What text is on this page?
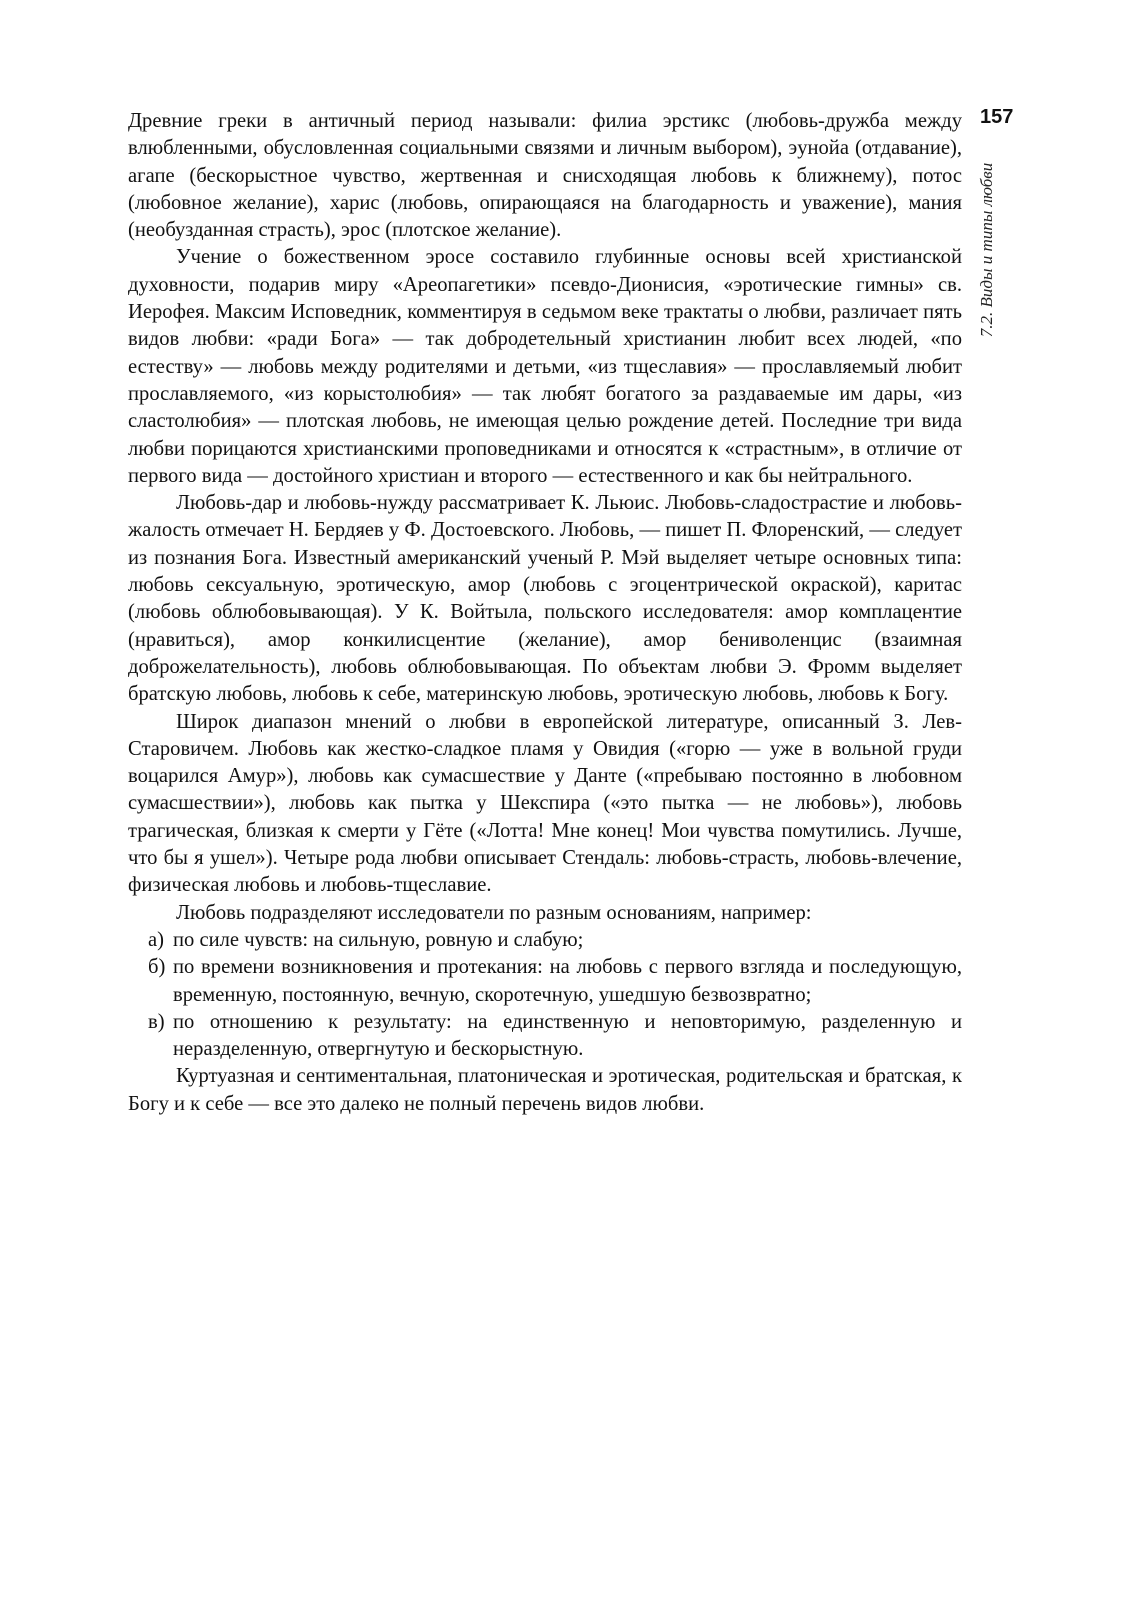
157
7.2. Виды и типы любви

Древние греки в античный период называли: филиа эрстикс (любовь-дружба между влюбленными, обусловленная социальными связями и личным выбором), эунойа (отдавание), агапе (бескорыстное чувство, жертвенная и снисходящая любовь к ближнему), потос (любовное желание), харис (любовь, опирающаяся на благодарность и уважение), мания (необузданная страсть), эрос (плотское желание).

Учение о божественном эросе составило глубинные основы всей христианской духовности, подарив миру «Ареопагетики» псевдо-Дионисия, «эротические гимны» св. Иерофея. Максим Исповедник, комментируя в седьмом веке трактаты о любви, различает пять видов любви: «ради Бога» — так добродетельный христианин любит всех людей, «по естеству» — любовь между родителями и детьми, «из тщеславия» — прославляемый любит прославляемого, «из корыстолюбия» — так любят богатого за раздаваемые им дары, «из сластолюбия» — плотская любовь, не имеющая целью рождение детей. Последние три вида любви порицаются христианскими проповедниками и относятся к «страстным», в отличие от первого вида — достойного христиан и второго — естественного и как бы нейтрального.

Любовь-дар и любовь-нужду рассматривает К. Льюис. Любовь-сладострастие и любовь-жалость отмечает Н. Бердяев у Ф. Достоевского. Любовь, — пишет П. Флоренский, — следует из познания Бога. Известный американский ученый Р. Мэй выделяет четыре основных типа: любовь сексуальную, эротическую, амор (любовь с эгоцентрической окраской), каритас (любовь облюбовывающая). У К. Войтыла, польского исследователя: амор комплацентие (нравиться), амор конкилисцентие (желание), амор бениволенцис (взаимная доброжелательность), любовь облюбовывающая. По объектам любви Э. Фромм выделяет братскую любовь, любовь к себе, материнскую любовь, эротическую любовь, любовь к Богу.

Широк диапазон мнений о любви в европейской литературе, описанный З. Лев-Старовичем. Любовь как жестко-сладкое пламя у Овидия («горю — уже в вольной груди воцарился Амур»), любовь как сумасшествие у Данте («пребываю постоянно в любовном сумасшествии»), любовь как пытка у Шекспира («это пытка — не любовь»), любовь трагическая, близкая к смерти у Гёте («Лотта! Мне конец! Мои чувства помутились. Лучше, что бы я ушел»). Четыре рода любви описывает Стендаль: любовь-страсть, любовь-влечение, физическая любовь и любовь-тщеславие.

Любовь подразделяют исследователи по разным основаниям, например:

а) по силе чувств: на сильную, ровную и слабую;
б) по времени возникновения и протекания: на любовь с первого взгляда и последующую, временную, постоянную, вечную, скоротечную, ушедшую безвозвратно;
в) по отношению к результату: на единственную и неповторимую, разделенную и неразделенную, отвергнутую и бескорыстную.

Куртуазная и сентиментальная, платоническая и эротическая, родительская и братская, к Богу и к себе — все это далеко не полный перечень видов любви.
